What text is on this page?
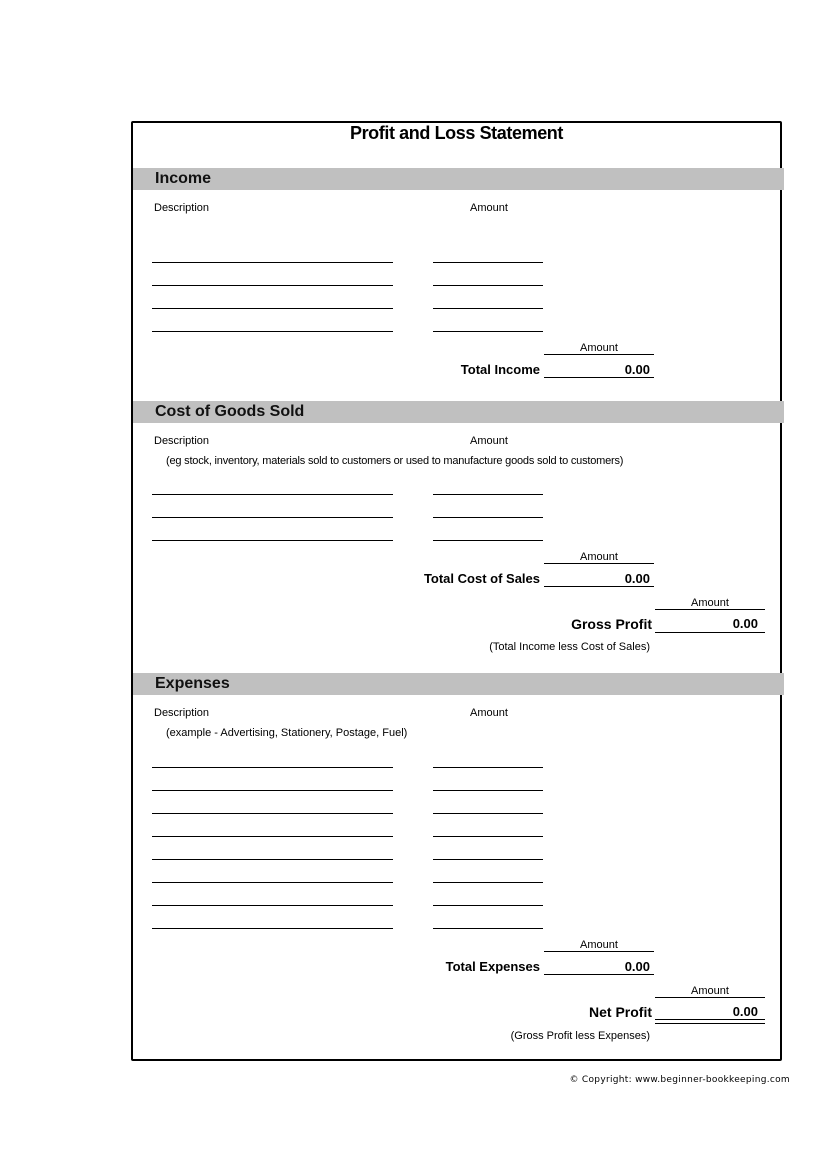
Profit and Loss Statement
Income
Description	Amount
Amount
Total Income	0.00
Cost of Goods Sold
Description	Amount
(eg stock, inventory, materials sold to customers or used to manufacture goods sold to customers)
Amount
Total Cost of Sales	0.00
Amount
Gross Profit	0.00
(Total Income less Cost of Sales)
Expenses
Description	Amount
(example - Advertising, Stationery, Postage, Fuel)
Amount
Total Expenses	0.00
Amount
Net Profit	0.00
(Gross Profit less Expenses)
© Copyright: www.beginner-bookkeeping.com
